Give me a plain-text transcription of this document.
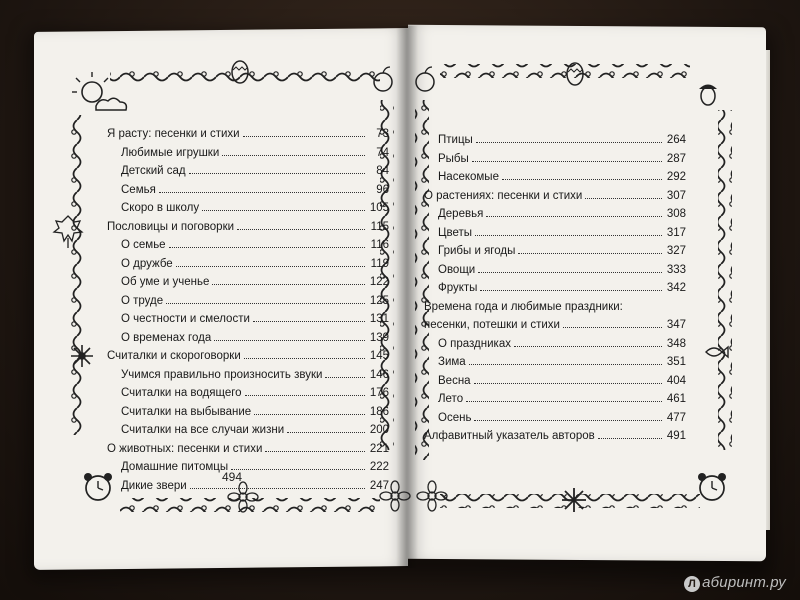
Я расту: песенки и стихи	73
Любимые игрушки	74
Детский сад	84
Семья	96
Скоро в школу	105
Пословицы и поговорки	115
О семье	116
О дружбе	119
Об уме и ученье	122
О труде	125
О честности и смелости	131
О временах года	139
Считалки и скороговорки	145
Учимся правильно произносить звуки	146
Считалки на водящего	176
Считалки на выбывание	186
Считалки на все случаи жизни	200
О животных: песенки и стихи	221
Домашние питомцы	222
Дикие звери	247
Птицы	264
Рыбы	287
Насекомые	292
О растениях: песенки и стихи	307
Деревья	308
Цветы	317
Грибы и ягоды	327
Овощи	333
Фрукты	342
Времена года и любимые праздники:
песенки, потешки и стихи	347
О праздниках	348
Зима	351
Весна	404
Лето	461
Осень	477
Алфавитный указатель авторов	491
494
Л абиринт.ру
